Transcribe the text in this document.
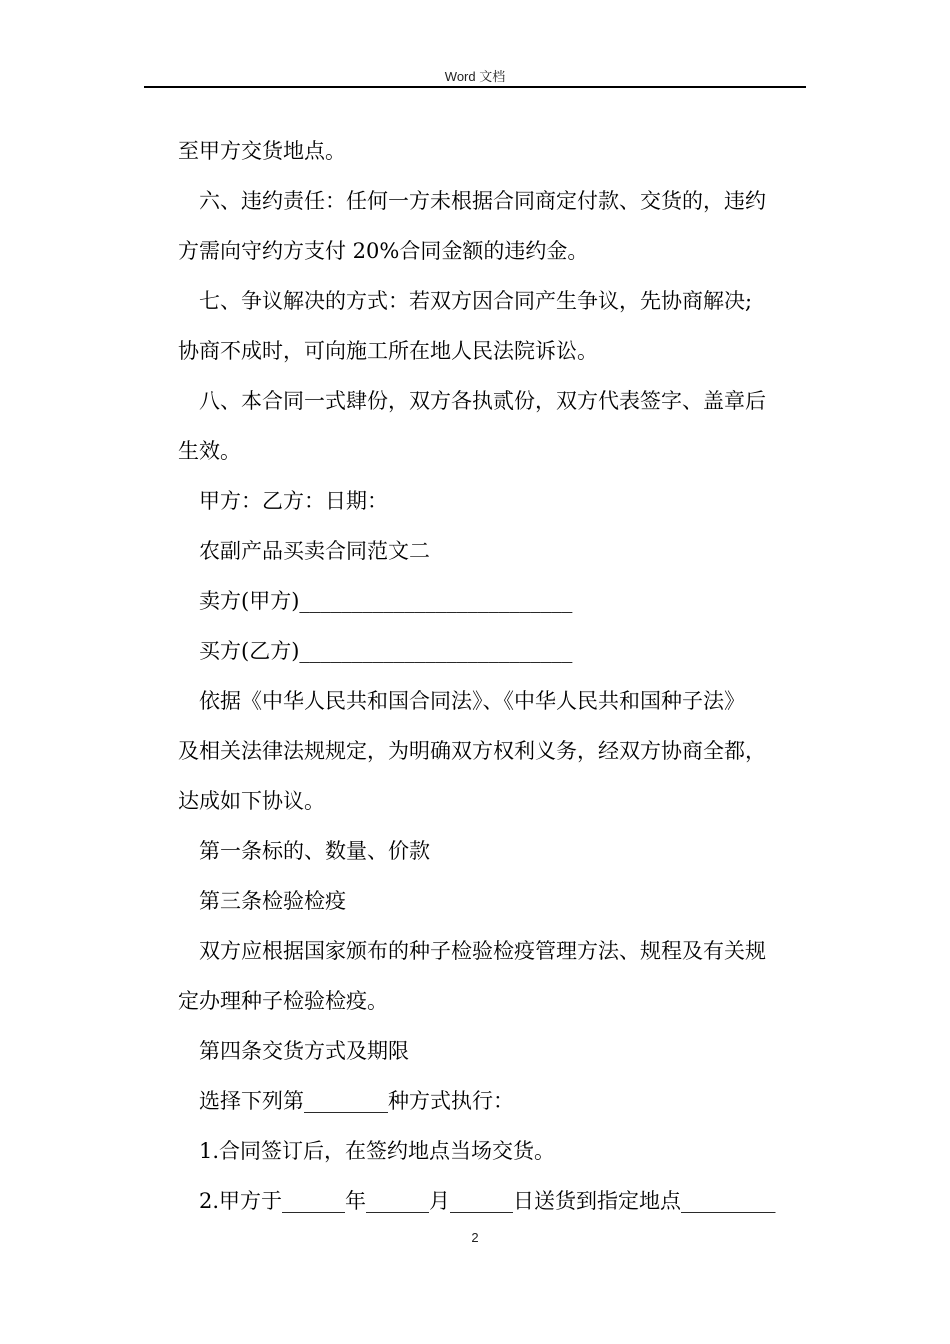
Word 文档
至甲方交货地点。
六、违约责任：任何一方未根据合同商定付款、交货的，违约
方需向守约方支付 20%合同金额的违约金。
七、争议解决的方式：若双方因合同产生争议，先协商解决;
协商不成时，可向施工所在地人民法院诉讼。
八、本合同一式肆份，双方各执贰份，双方代表签字、盖章后
生效。
甲方：乙方：日期：
农副产品买卖合同范文二
卖方(甲方)__________________________
买方(乙方)__________________________
依据《中华人民共和国合同法》、《中华人民共和国种子法》
及相关法律法规规定，为明确双方权利义务，经双方协商全都，
达成如下协议。
第一条标的、数量、价款
第三条检验检疫
双方应根据国家颁布的种子检验检疫管理方法、规程及有关规
定办理种子检验检疫。
第四条交货方式及期限
选择下列第________种方式执行：
1.合同签订后，在签约地点当场交货。
2.甲方于______年______月______日送货到指定地点_________
2
